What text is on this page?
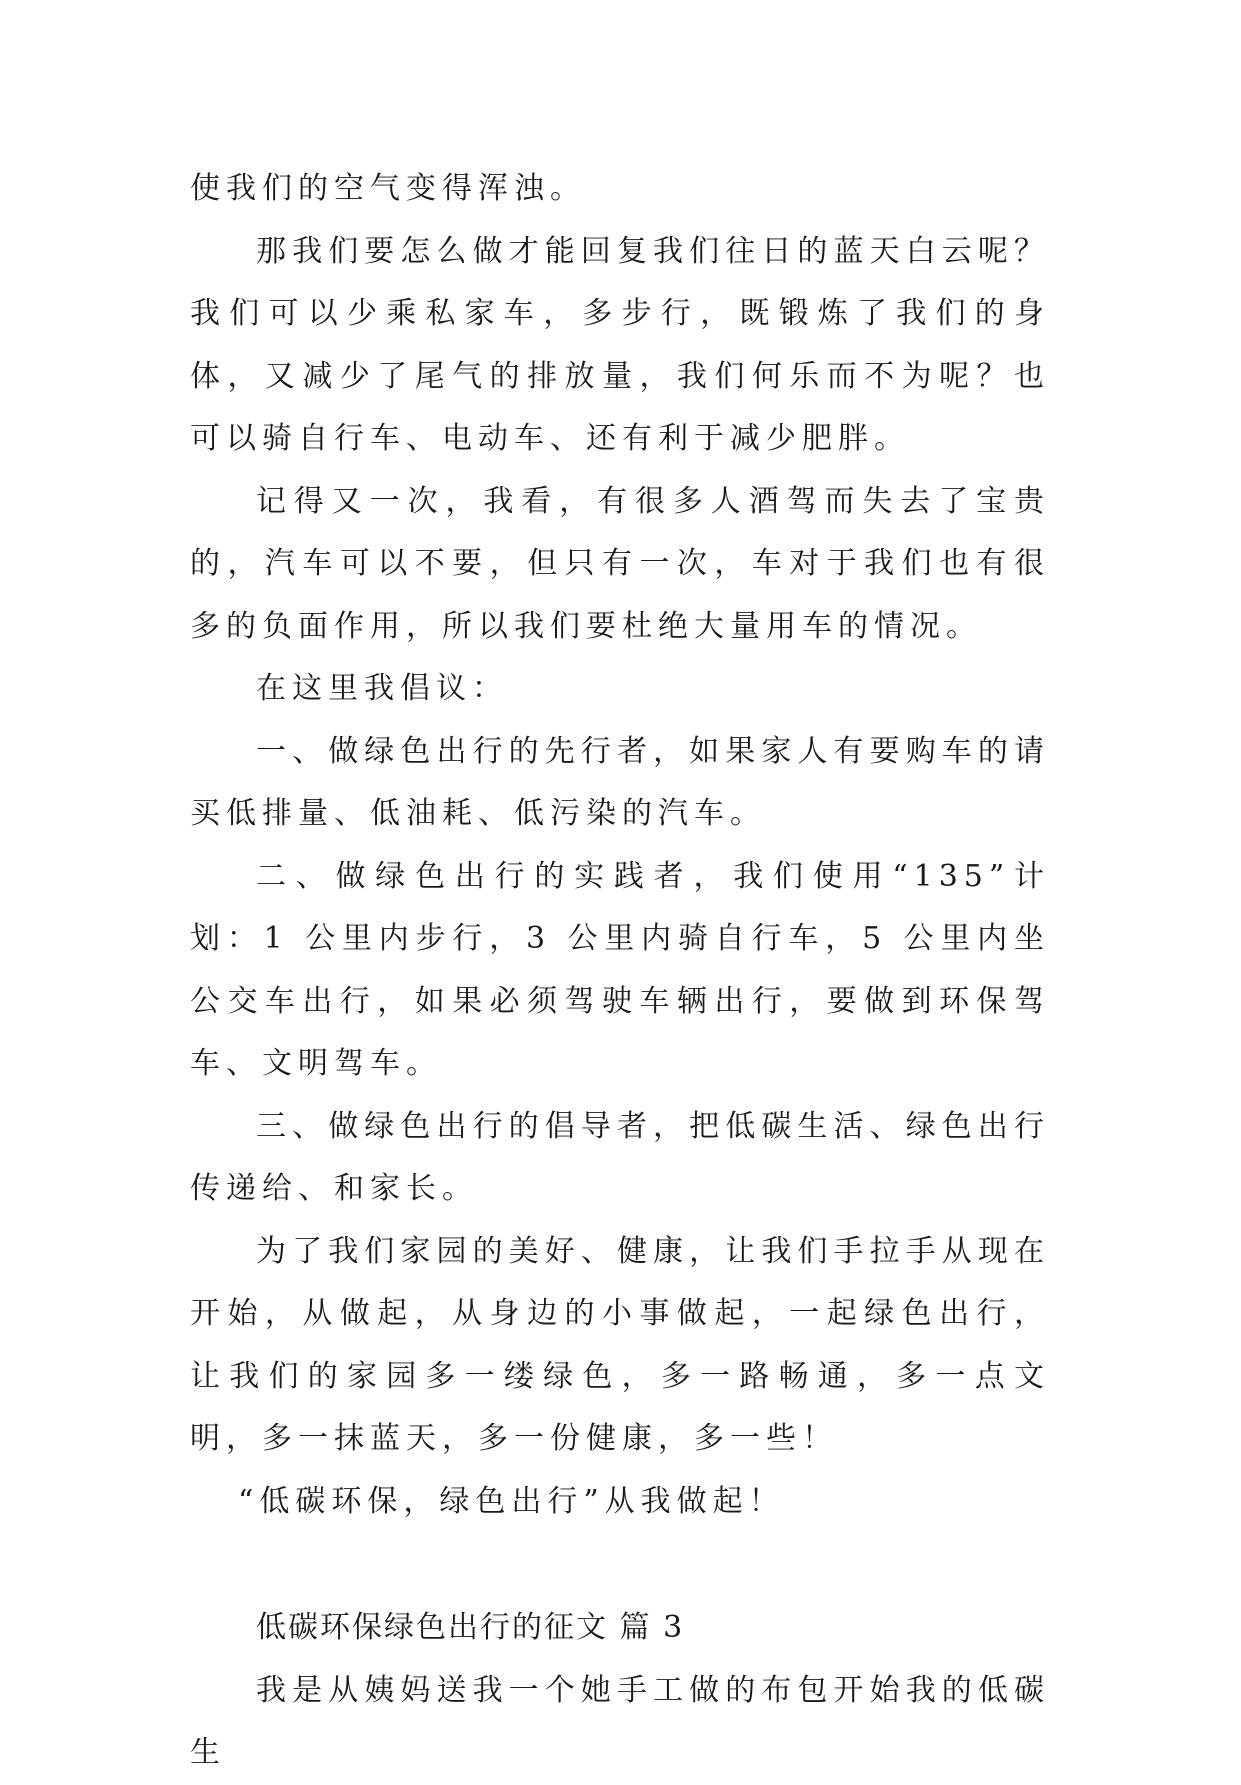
使我们的空气变得浑浊。

那我们要怎么做才能回复我们往日的蓝天白云呢？我们可以少乘私家车，多步行，既锻炼了我们的身体，又减少了尾气的排放量，我们何乐而不为呢？也可以骑自行车、电动车、还有利于减少肥胖。

记得又一次，我看，有很多人酒驾而失去了宝贵的，汽车可以不要，但只有一次，车对于我们也有很多的负面作用，所以我们要杜绝大量用车的情况。

在这里我倡议：

一、做绿色出行的先行者，如果家人有要购车的请买低排量、低油耗、低污染的汽车。

二、做绿色出行的实践者，我们使用“135”计划：1 公里内步行，3 公里内骑自行车，5 公里内坐公交车出行，如果必须驾驶车辆出行，要做到环保驾车、文明驾车。

三、做绿色出行的倡导者，把低碳生活、绿色出行传递给、和家长。

为了我们家园的美好、健康，让我们手拉手从现在开始，从做起，从身边的小事做起，一起绿色出行，让我们的家园多一缕绿色，多一路畅通，多一点文明，多一抹蓝天，多一份健康，多一些！

“低碳环保，绿色出行”从我做起！

低碳环保绿色出行的征文 篇 3

我是从姨妈送我一个她手工做的布包开始我的低碳生
